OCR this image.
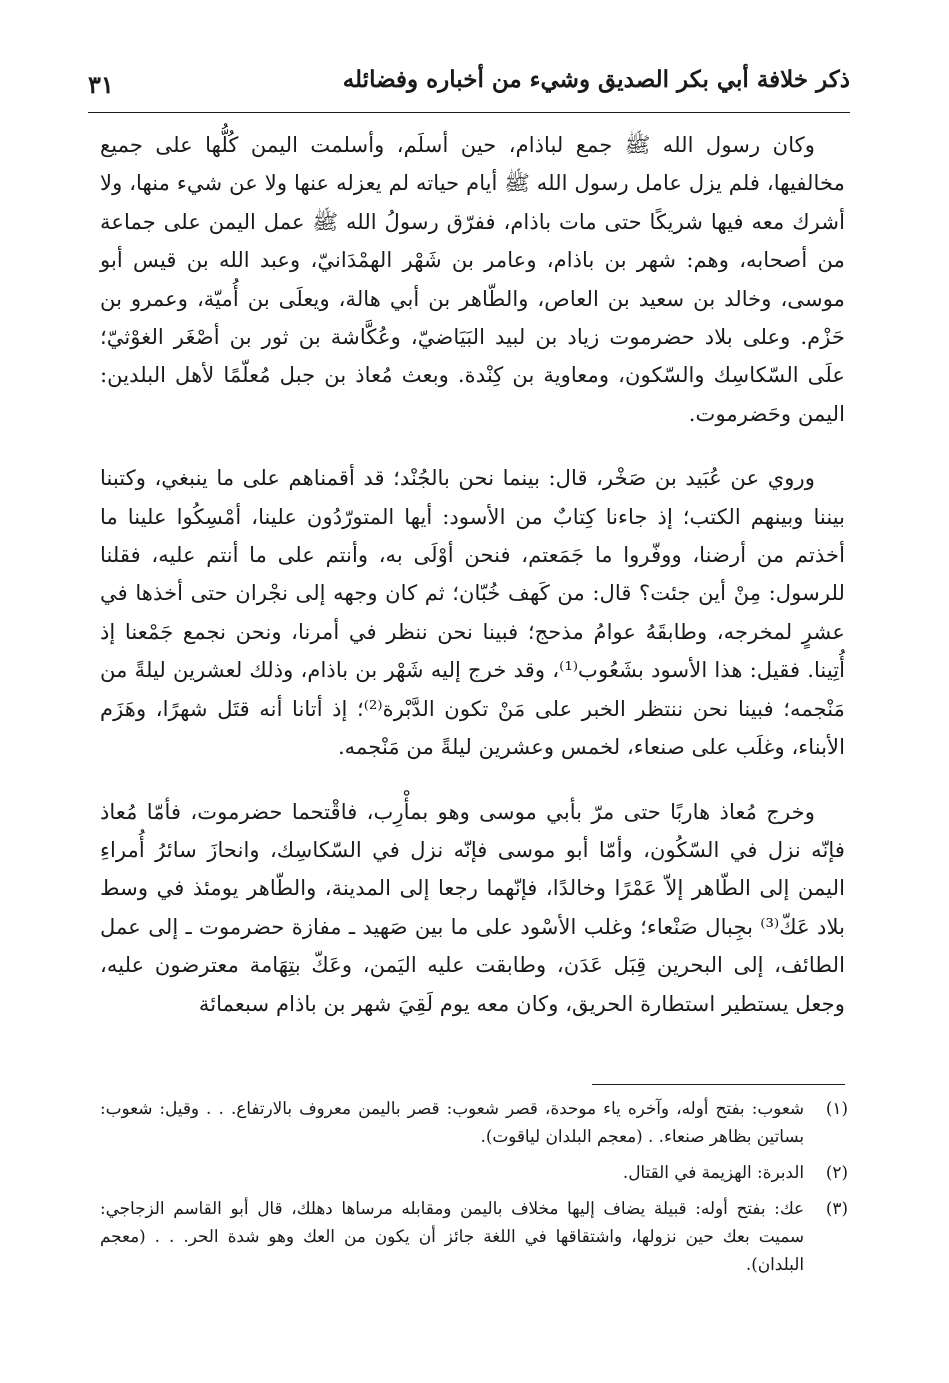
ذكر خلافة أبي بكر الصديق وشيء من أخباره وفضائله
٣١

وكان رسول الله ﷺ جمع لباذام، حين أسلَم، وأسلمت اليمن كُلُّها على جميع مخالفيها، فلم يزل عامل رسول الله ﷺ أيام حياته لم يعزله عنها ولا عن شيء منها، ولا أشرك معه فيها شريكًا حتى مات باذام، ففرّق رسولُ الله ﷺ عمل اليمن على جماعة من أصحابه، وهم: شهر بن باذام، وعامر بن شَهْر الهمْدَانيّ، وعبد الله بن قيس أبو موسى، وخالد بن سعيد بن العاص، والطّاهر بن أبي هالة، ويعلَى بن أُميّة، وعمرو بن حَزْم. وعلى بلاد حضرموت زياد بن لبيد البَيَاضيّ، وعُكَّاشة بن ثور بن أصْغَر الغوْثيّ؛ علَى السّكاسِك والسّكون، ومعاوية بن كِنْدة. وبعث مُعاذ بن جبل مُعلّمًا لأهل البلدين: اليمن وحَضرموت.

وروي عن عُبَيد بن صَخْر، قال: بينما نحن بالجُنْد؛ قد أقمناهم على ما ينبغي، وكتبنا بيننا وبينهم الكتب؛ إذ جاءنا كِتابٌ من الأسود: أيها المتورّدُون علينا، أمْسِكُوا علينا ما أخذتم من أرضنا، ووفّروا ما جَمَعتم، فنحن أوْلَى به، وأنتم على ما أنتم عليه، فقلنا للرسول: مِنْ أين جئت؟ قال: من كَهف خُبّان؛ ثم كان وجهه إلى نجْران حتى أخذها في عشرٍ لمخرجه، وطابقَهُ عوامُ مذحج؛ فبينا نحن ننظر في أمرنا، ونحن نجمع جَمْعنا إذ أُتِينا. فقيل: هذا الأسود بشَعُوب⁽¹⁾، وقد خرج إليه شَهْر بن باذام، وذلك لعشرين ليلةً من مَنْجمه؛ فبينا نحن ننتظر الخبر على مَنْ تكون الدَّبْرة⁽²⁾؛ إذ أتانا أنه قتَل شهرًا، وهَزَم الأبناء، وغلَب على صنعاء، لخمس وعشرين ليلةً من مَنْجمه.

وخرج مُعاذ هاربًا حتى مرّ بأبي موسى وهو بمأْرِب، فاقْتحما حضرموت، فأمّا مُعاذ فإنّه نزل في السّكُون، وأمّا أبو موسى فإنّه نزل في السّكاسِك، وانحازَ سائرُ أُمراءِ اليمن إلى الطّاهر إلاّ عَمْرًا وخالدًا، فإنّهما رجعا إلى المدينة، والطّاهر يومئذ في وسط بلاد عَكّ⁽³⁾ بجِبال صَنْعاء؛ وغلب الأسْود على ما بين صَهيد ـ مفازة حضرموت ـ إلى عمل الطائف، إلى البحرين قِبَل عَدَن، وطابقت عليه اليَمن، وعَكّ بتِهَامة معترضون عليه، وجعل يستطير استطارة الحريق، وكان معه يوم لَقِيَ شهر بن باذام سبعمائة

(١)
شعوب: بفتح أوله، وآخره ياء موحدة، قصر شعوب: قصر باليمن معروف بالارتفاع. . . وقيل: شعوب: بساتين بظاهر صنعاء. . (معجم البلدان لياقوت).
(٢)
الدبرة: الهزيمة في القتال.
(٣)
عك: بفتح أوله: قبيلة يضاف إليها مخلاف باليمن ومقابله مرساها دهلك، قال أبو القاسم الزجاجي: سميت بعك حين نزولها، واشتقاقها في اللغة جائز أن يكون من العك وهو شدة الحر. . . (معجم البلدان).
